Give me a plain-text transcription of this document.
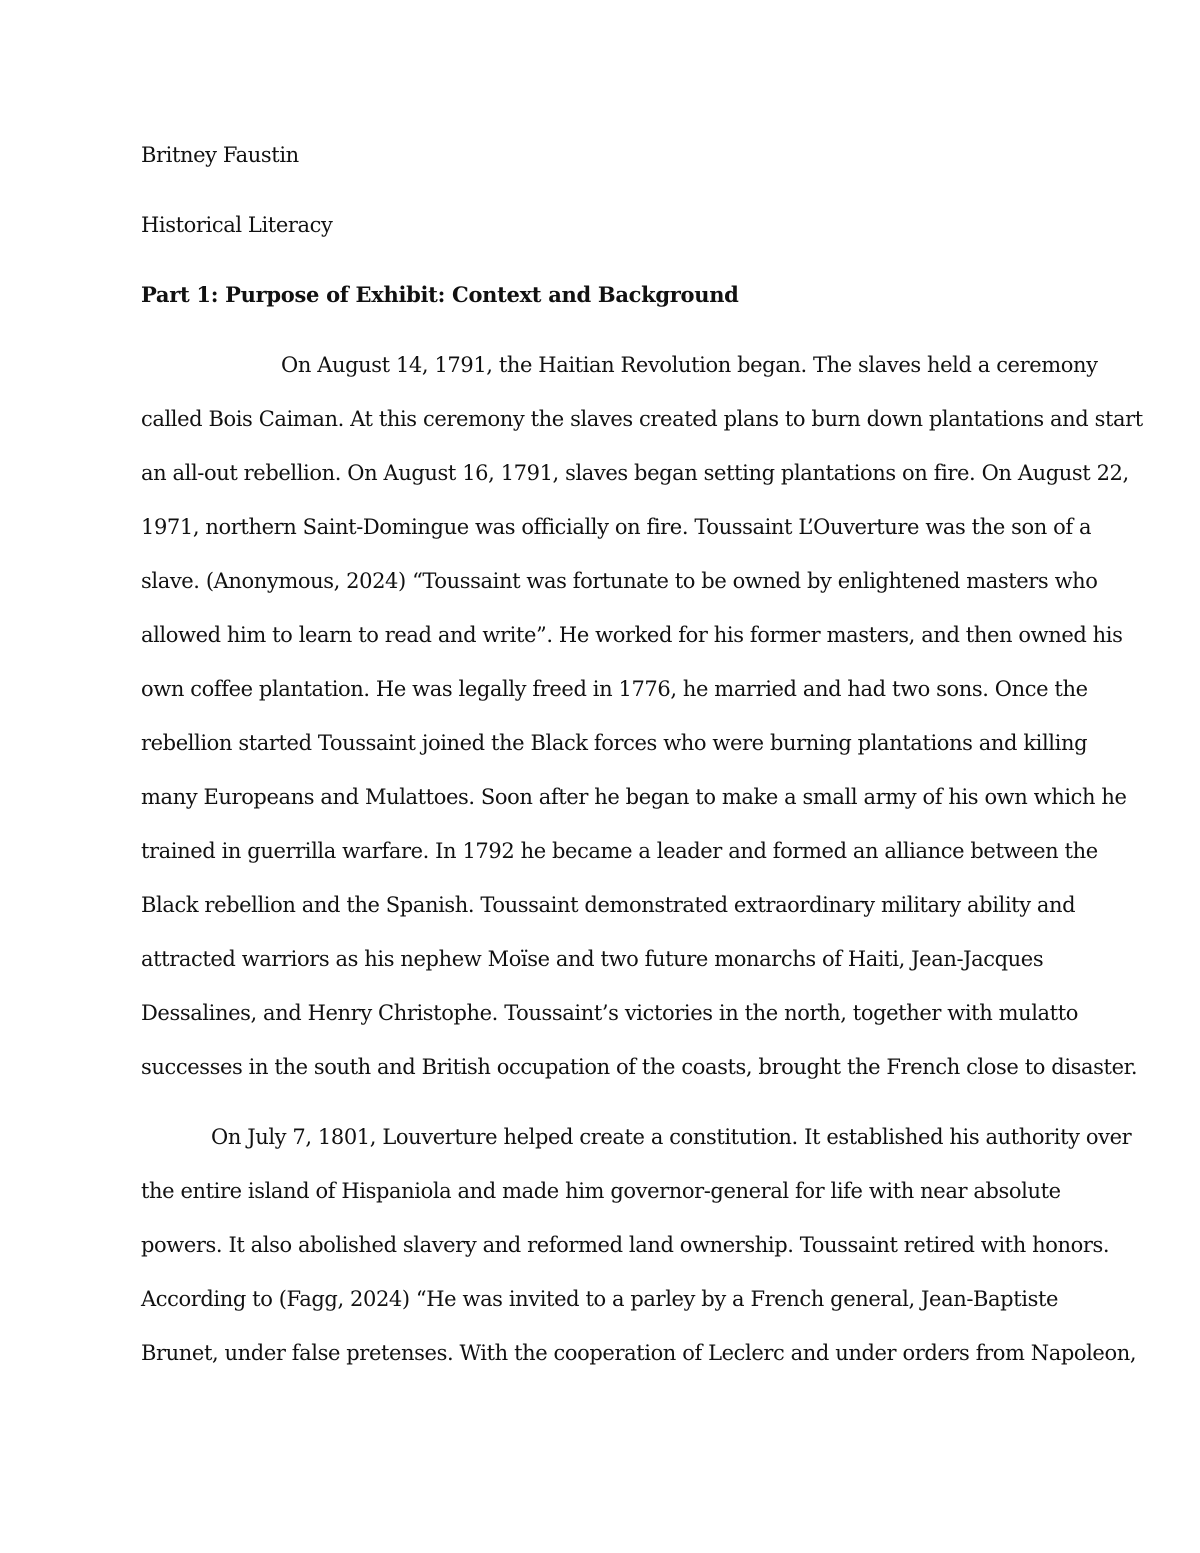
Britney Faustin
Historical Literacy
Part 1: Purpose of Exhibit: Context and Background
On August 14, 1791, the Haitian Revolution began. The slaves held a ceremony
called Bois Caiman. At this ceremony the slaves created plans to burn down plantations and start
an all-out rebellion. On August 16, 1791, slaves began setting plantations on fire. On August 22,
1971, northern Saint-Domingue was officially on fire. Toussaint L’Ouverture was the son of a
slave. (Anonymous, 2024) “Toussaint was fortunate to be owned by enlightened masters who
allowed him to learn to read and write”. He worked for his former masters, and then owned his
own coffee plantation. He was legally freed in 1776, he married and had two sons. Once the
rebellion started Toussaint joined the Black forces who were burning plantations and killing
many Europeans and Mulattoes. Soon after he began to make a small army of his own which he
trained in guerrilla warfare. In 1792 he became a leader and formed an alliance between the
Black rebellion and the Spanish. Toussaint demonstrated extraordinary military ability and
attracted warriors as his nephew Moïse and two future monarchs of Haiti, Jean-Jacques
Dessalines, and Henry Christophe. Toussaint’s victories in the north, together with mulatto
successes in the south and British occupation of the coasts, brought the French close to disaster.
On July 7, 1801, Louverture helped create a constitution. It established his authority over
the entire island of Hispaniola and made him governor-general for life with near absolute
powers. It also abolished slavery and reformed land ownership. Toussaint retired with honors.
According to (Fagg, 2024) “He was invited to a parley by a French general, Jean-Baptiste
Brunet, under false pretenses. With the cooperation of Leclerc and under orders from Napoleon,
